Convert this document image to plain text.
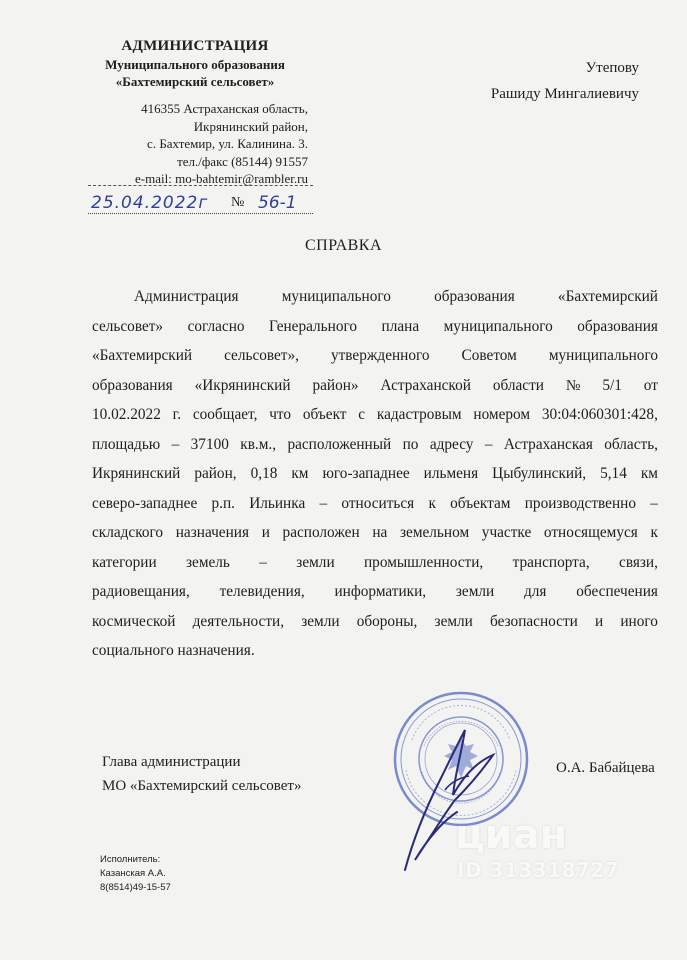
АДМИНИСТРАЦИЯ
Муниципального образования
«Бахтемирский сельсовет»
416355 Астраханская область,
Икрянинский район,
с. Бахтемир, ул. Калинина. 3.
тел./факс (85144) 91557
e-mail: mo-bahtemir@rambler.ru
25.04.2022г № 56-1
Утепову
Рашиду Мингалиевичу
СПРАВКА
Администрация	муниципального	образования	«Бахтемирский
сельсовет» согласно Генерального плана муниципального образования
«Бахтемирский сельсовет», утвержденного Советом муниципального
образования «Икрянинский район» Астраханской области № 5/1 от
10.02.2022 г. сообщает, что объект с кадастровым номером 30:04:060301:428,
площадью – 37100 кв.м., расположенный по адресу – Астраханская область,
Икрянинский район, 0,18 км юго-западнее ильменя Цыбулинский, 5,14 км
северо-западнее р.п. Ильинка – относиться к объектам производственно –
складского назначения и расположен на земельном участке относящемуся к
категории земель – земли промышленности, транспорта, связи,
радиовещания, телевидения, информатики, земли для обеспечения
космической деятельности, земли обороны, земли безопасности и иного
социального назначения.
Глава администрации
МО «Бахтемирский сельсовет»
О.А. Бабайцева
Исполнитель:
Казанская А.А.
8(8514)49-15-57
циан
ID 313318727
